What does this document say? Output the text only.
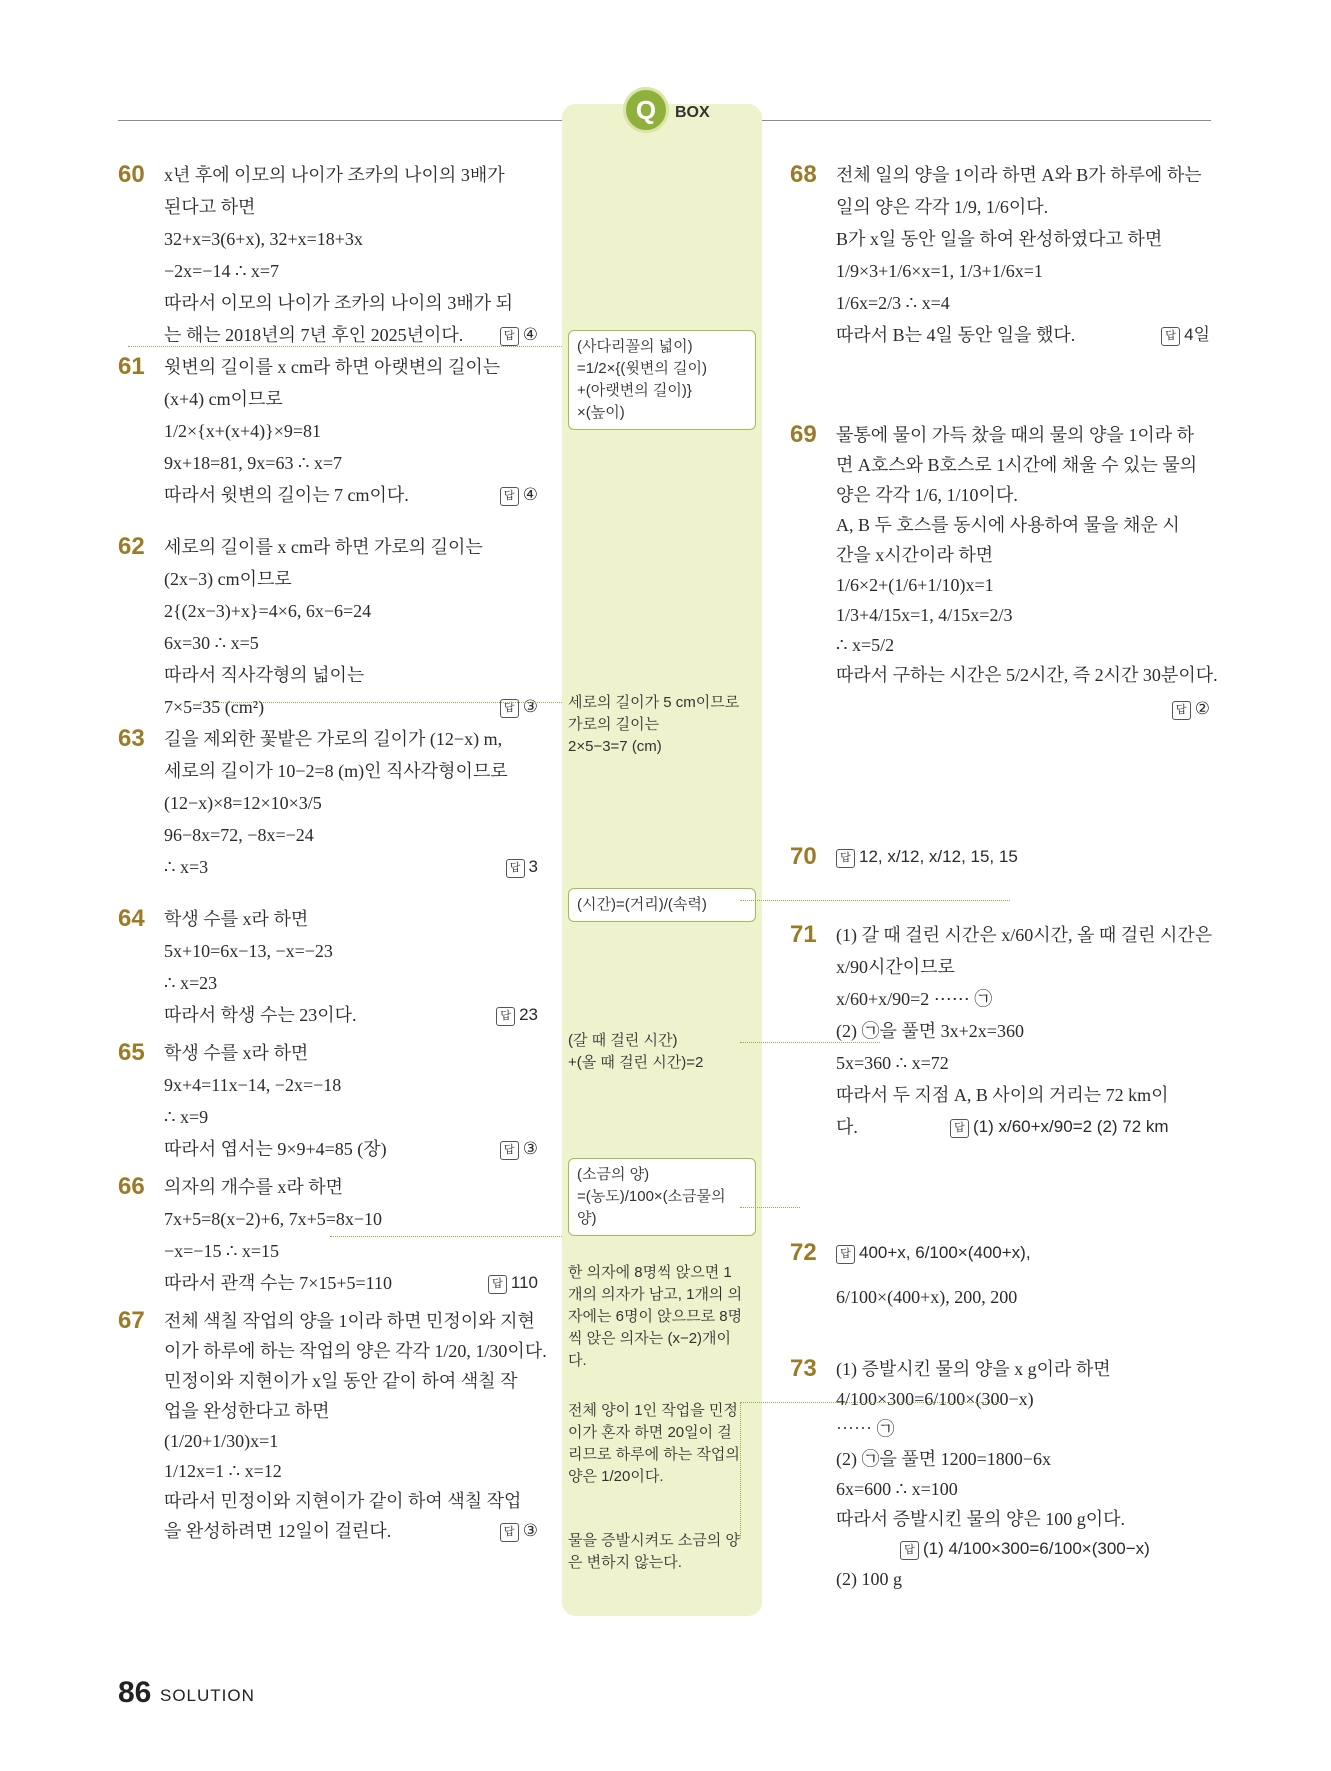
Q	BOX
60 x년 후에 이모의 나이가 조카의 나이의 3배가
된다고 하면
32+x=3(6+x), 32+x=18+3x
−2x=−14 ∴ x=7
따라서 이모의 나이가 조카의 나이의 3배가 되
는 해는 2018년의 7년 후인 2025년이다.	답 ④
61 윗변의 길이를 x cm라 하면 아랫변의 길이는
(x+4) cm이므로
1/2×{x+(x+4)}×9=81
9x+18=81, 9x=63 ∴ x=7
따라서 윗변의 길이는 7 cm이다.	답 ④
62 세로의 길이를 x cm라 하면 가로의 길이는
(2x−3) cm이므로
2{(2x−3)+x}=4×6, 6x−6=24
6x=30 ∴ x=5
따라서 직사각형의 넓이는
7×5=35 (cm²)	답 ③
63 길을 제외한 꽃밭은 가로의 길이가 (12−x) m,
세로의 길이가 10−2=8 (m)인 직사각형이므로
(12−x)×8=12×10×3/5
96−8x=72, −8x=−24
∴ x=3	답 3
64 학생 수를 x라 하면
5x+10=6x−13, −x=−23
∴ x=23
따라서 학생 수는 23이다.	답 23
65 학생 수를 x라 하면
9x+4=11x−14, −2x=−18
∴ x=9
따라서 엽서는 9×9+4=85 (장)	답 ③
66 의자의 개수를 x라 하면
7x+5=8(x−2)+6, 7x+5=8x−10
−x=−15 ∴ x=15
따라서 관객 수는 7×15+5=110	답 110
67 전체 색칠 작업의 양을 1이라 하면 민정이와 지현
이가 하루에 하는 작업의 양은 각각 1/20, 1/30이다.
민정이와 지현이가 x일 동안 같이 하여 색칠 작
업을 완성한다고 하면
(1/20+1/30)x=1
1/12x=1 ∴ x=12
따라서 민정이와 지현이가 같이 하여 색칠 작업
을 완성하려면 12일이 걸린다.	답 ③
68 전체 일의 양을 1이라 하면 A와 B가 하루에 하는
일의 양은 각각 1/9, 1/6이다.
B가 x일 동안 일을 하여 완성하였다고 하면
1/9×3+1/6×x=1, 1/3+1/6x=1
1/6x=2/3 ∴ x=4
따라서 B는 4일 동안 일을 했다.	답 4일
69 물통에 물이 가득 찼을 때의 물의 양을 1이라 하
면 A호스와 B호스로 1시간에 채울 수 있는 물의
양은 각각 1/6, 1/10이다.
A, B 두 호스를 동시에 사용하여 물을 채운 시
간을 x시간이라 하면
1/6×2+(1/6+1/10)x=1
1/3+4/15x=1, 4/15x=2/3
∴ x=5/2
따라서 구하는 시간은 5/2시간, 즉 2시간 30분이다.
답 ②
70	답 12, x/12, x/12, 15, 15
71 (1) 갈 때 걸린 시간은 x/60시간, 올 때 걸린 시간은
x/90시간이므로
x/60+x/90=2 ⋯⋯ ㉠
(2) ㉠을 풀면 3x+2x=360
5x=360 ∴ x=72
따라서 두 지점 A, B 사이의 거리는 72 km이
다.	답 (1) x/60+x/90=2 (2) 72 km
72
6/100×(400+x), 200, 200
답 400+x, 6/100×(400+x),
73 (1) 증발시킨 물의 양을 x g이라 하면
4/100×300=6/100×(300−x)
⋯⋯ ㉠
(2) ㉠을 풀면 1200=1800−6x
6x=600 ∴ x=100
따라서 증발시킨 물의 양은 100 g이다.
(2) 100 g
답 (1) 4/100×300=6/100×(300−x)
(사다리꼴의 넓이)
=1/2×{(윗변의 길이)
+(아랫변의 길이)}
×(높이)
세로의 길이가 5 cm이므로
가로의 길이는
2×5−3=7 (cm)
(시간)=(거리)/(속력)
(갈 때 걸린 시간)
+(올 때 걸린 시간)=2
(소금의 양)
=(농도)/100×(소금물의 양)
한 의자에 8명씩 앉으면 1
개의 의자가 남고, 1개의 의
자에는 6명이 앉으므로 8명
씩 앉은 의자는 (x−2)개이
다.
전체 양이 1인 작업을 민정
이가 혼자 하면 20일이 걸
리므로 하루에 하는 작업의
양은 1/20이다.
물을 증발시켜도 소금의 양
은 변하지 않는다.
86 SOLUTION
